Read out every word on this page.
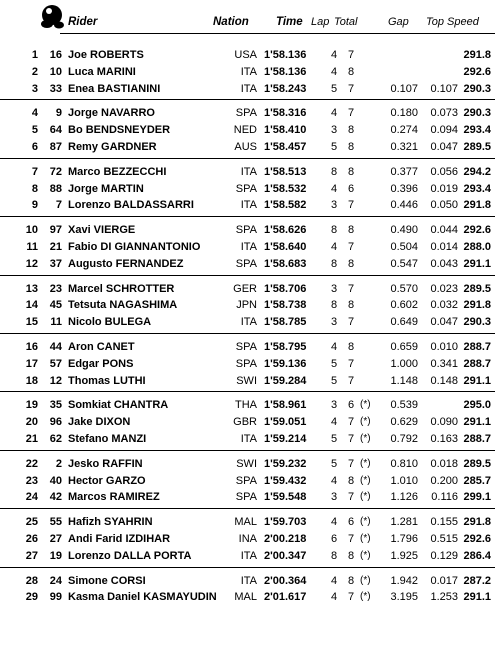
Rider	Nation Time Lap Total	Gap Top Speed
1	16 Joe ROBERTS	USA 1'58.136	4 7	291.8
2	10 Luca MARINI	ITA 1'58.136	4 8	292.6
3	33 Enea BASTIANINI	ITA 1'58.243	5 7	0.107	0.107 290.3
4	9 Jorge NAVARRO	SPA 1'58.316	4 7	0.180	0.073 290.3
5	64 Bo BENDSNEYDER	NED 1'58.410	3 8	0.274	0.094 293.4
6	87 Remy GARDNER	AUS 1'58.457	5 8	0.321	0.047 289.5
7	72 Marco BEZZECCHI	ITA 1'58.513	8 8	0.377	0.056 294.2
8	88 Jorge MARTIN	SPA 1'58.532	4 6	0.396	0.019 293.4
9	7 Lorenzo BALDASSARRI	ITA 1'58.582	3 7	0.446	0.050 291.8
10	97 Xavi VIERGE	SPA 1'58.626	8 8	0.490	0.044 292.6
11	21 Fabio DI GIANNANTONIO	ITA 1'58.640	4 7	0.504	0.014 288.0
12	37 Augusto FERNANDEZ	SPA 1'58.683	8 8	0.547	0.043 291.1
13	23 Marcel SCHROTTER	GER 1'58.706	3 7	0.570	0.023 289.5
14	45 Tetsuta NAGASHIMA	JPN 1'58.738	8 8	0.602	0.032 291.8
15	11 Nicolo BULEGA	ITA 1'58.785	3 7	0.649	0.047 290.3
16	44 Aron CANET	SPA 1'58.795	4 8	0.659	0.010 288.7
17	57 Edgar PONS	SPA 1'59.136	5 7	1.000	0.341 288.7
18	12 Thomas LUTHI	SWI 1'59.284	5 7	1.148	0.148 291.1
19	35 Somkiat CHANTRA	THA 1'58.961	3 6 (*)	0.539	295.0
20	96 Jake DIXON	GBR 1'59.051	4 7 (*)	0.629	0.090 291.1
21	62 Stefano MANZI	ITA 1'59.214	5 7 (*)	0.792	0.163 288.7
22	2 Jesko RAFFIN	SWI 1'59.232	5 7 (*)	0.810	0.018 289.5
23	40 Hector GARZO	SPA 1'59.432	4 8 (*)	1.010	0.200 285.7
24	42 Marcos RAMIREZ	SPA 1'59.548	3 7 (*)	1.126	0.116 299.1
25	55 Hafizh SYAHRIN	MAL 1'59.703	4 6 (*)	1.281	0.155 291.8
26	27 Andi Farid IZDIHAR	INA 2'00.218	6 7 (*)	1.796	0.515 292.6
27	19 Lorenzo DALLA PORTA	ITA 2'00.347	8 8 (*)	1.925	0.129 286.4
28	24 Simone CORSI	ITA 2'00.364	4 8 (*)	1.942	0.017 287.2
29	99 Kasma Daniel KASMAYUDIN	MAL 2'01.617	4 7 (*)	3.195	1.253 291.1
